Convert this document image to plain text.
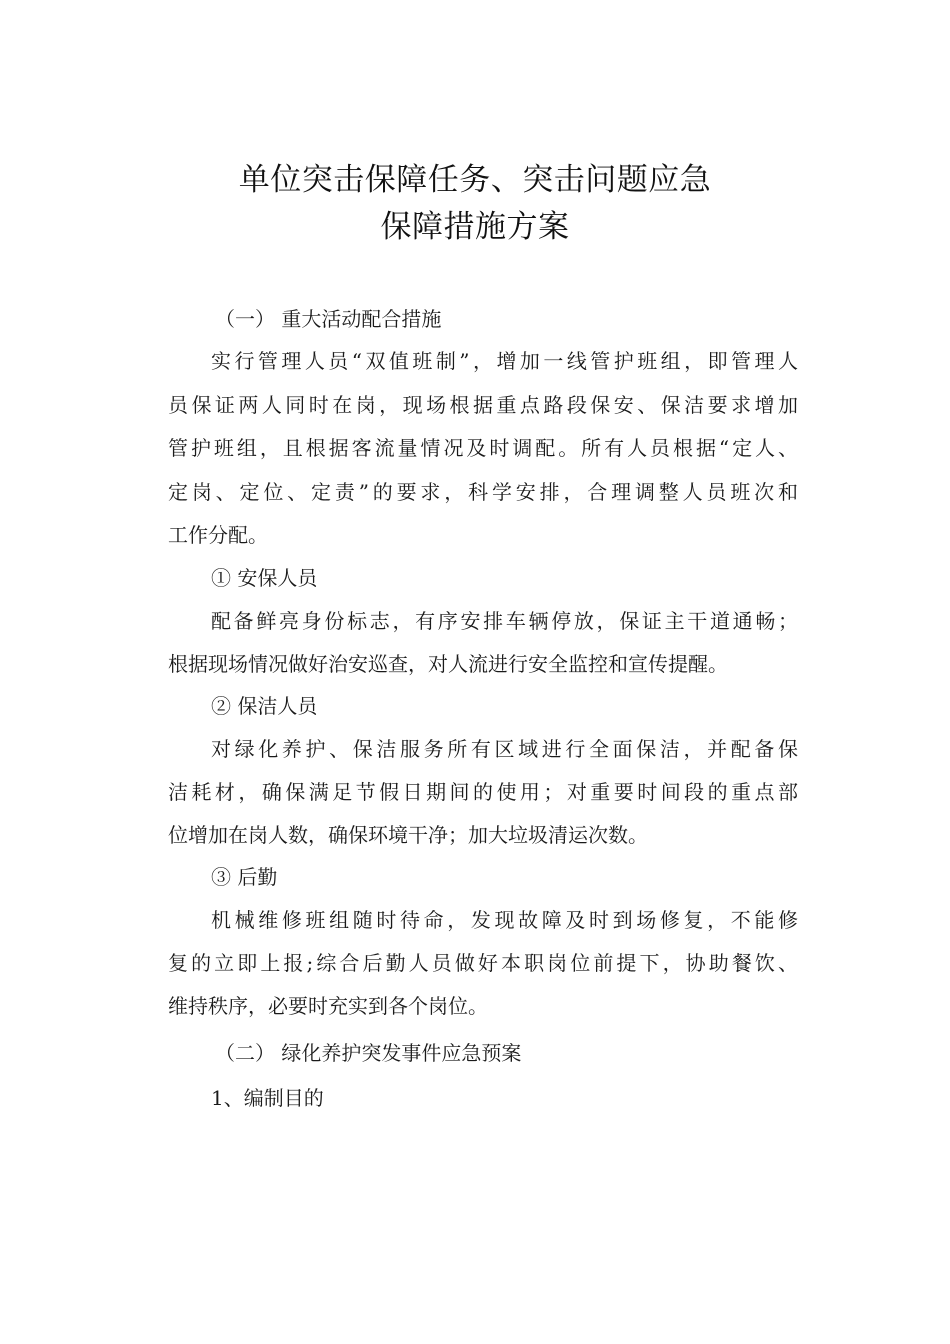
单位突击保障任务、突击问题应急
保障措施方案
（一） 重大活动配合措施
实行管理人员“双值班制”，增加一线管护班组，即管理人
员保证两人同时在岗，现场根据重点路段保安、保洁要求增加
管护班组，且根据客流量情况及时调配。所有人员根据“定人、
定岗、定位、定责”的要求，科学安排，合理调整人员班次和
工作分配。
① 安保人员
配备鲜亮身份标志，有序安排车辆停放，保证主干道通畅；
根据现场情况做好治安巡查，对人流进行安全监控和宣传提醒。
② 保洁人员
对绿化养护、保洁服务所有区域进行全面保洁，并配备保
洁耗材，确保满足节假日期间的使用；对重要时间段的重点部
位增加在岗人数，确保环境干净；加大垃圾清运次数。
③ 后勤
机械维修班组随时待命，发现故障及时到场修复，不能修
复的立即上报;综合后勤人员做好本职岗位前提下，协助餐饮、
维持秩序，必要时充实到各个岗位。
（二） 绿化养护突发事件应急预案
1、编制目的
